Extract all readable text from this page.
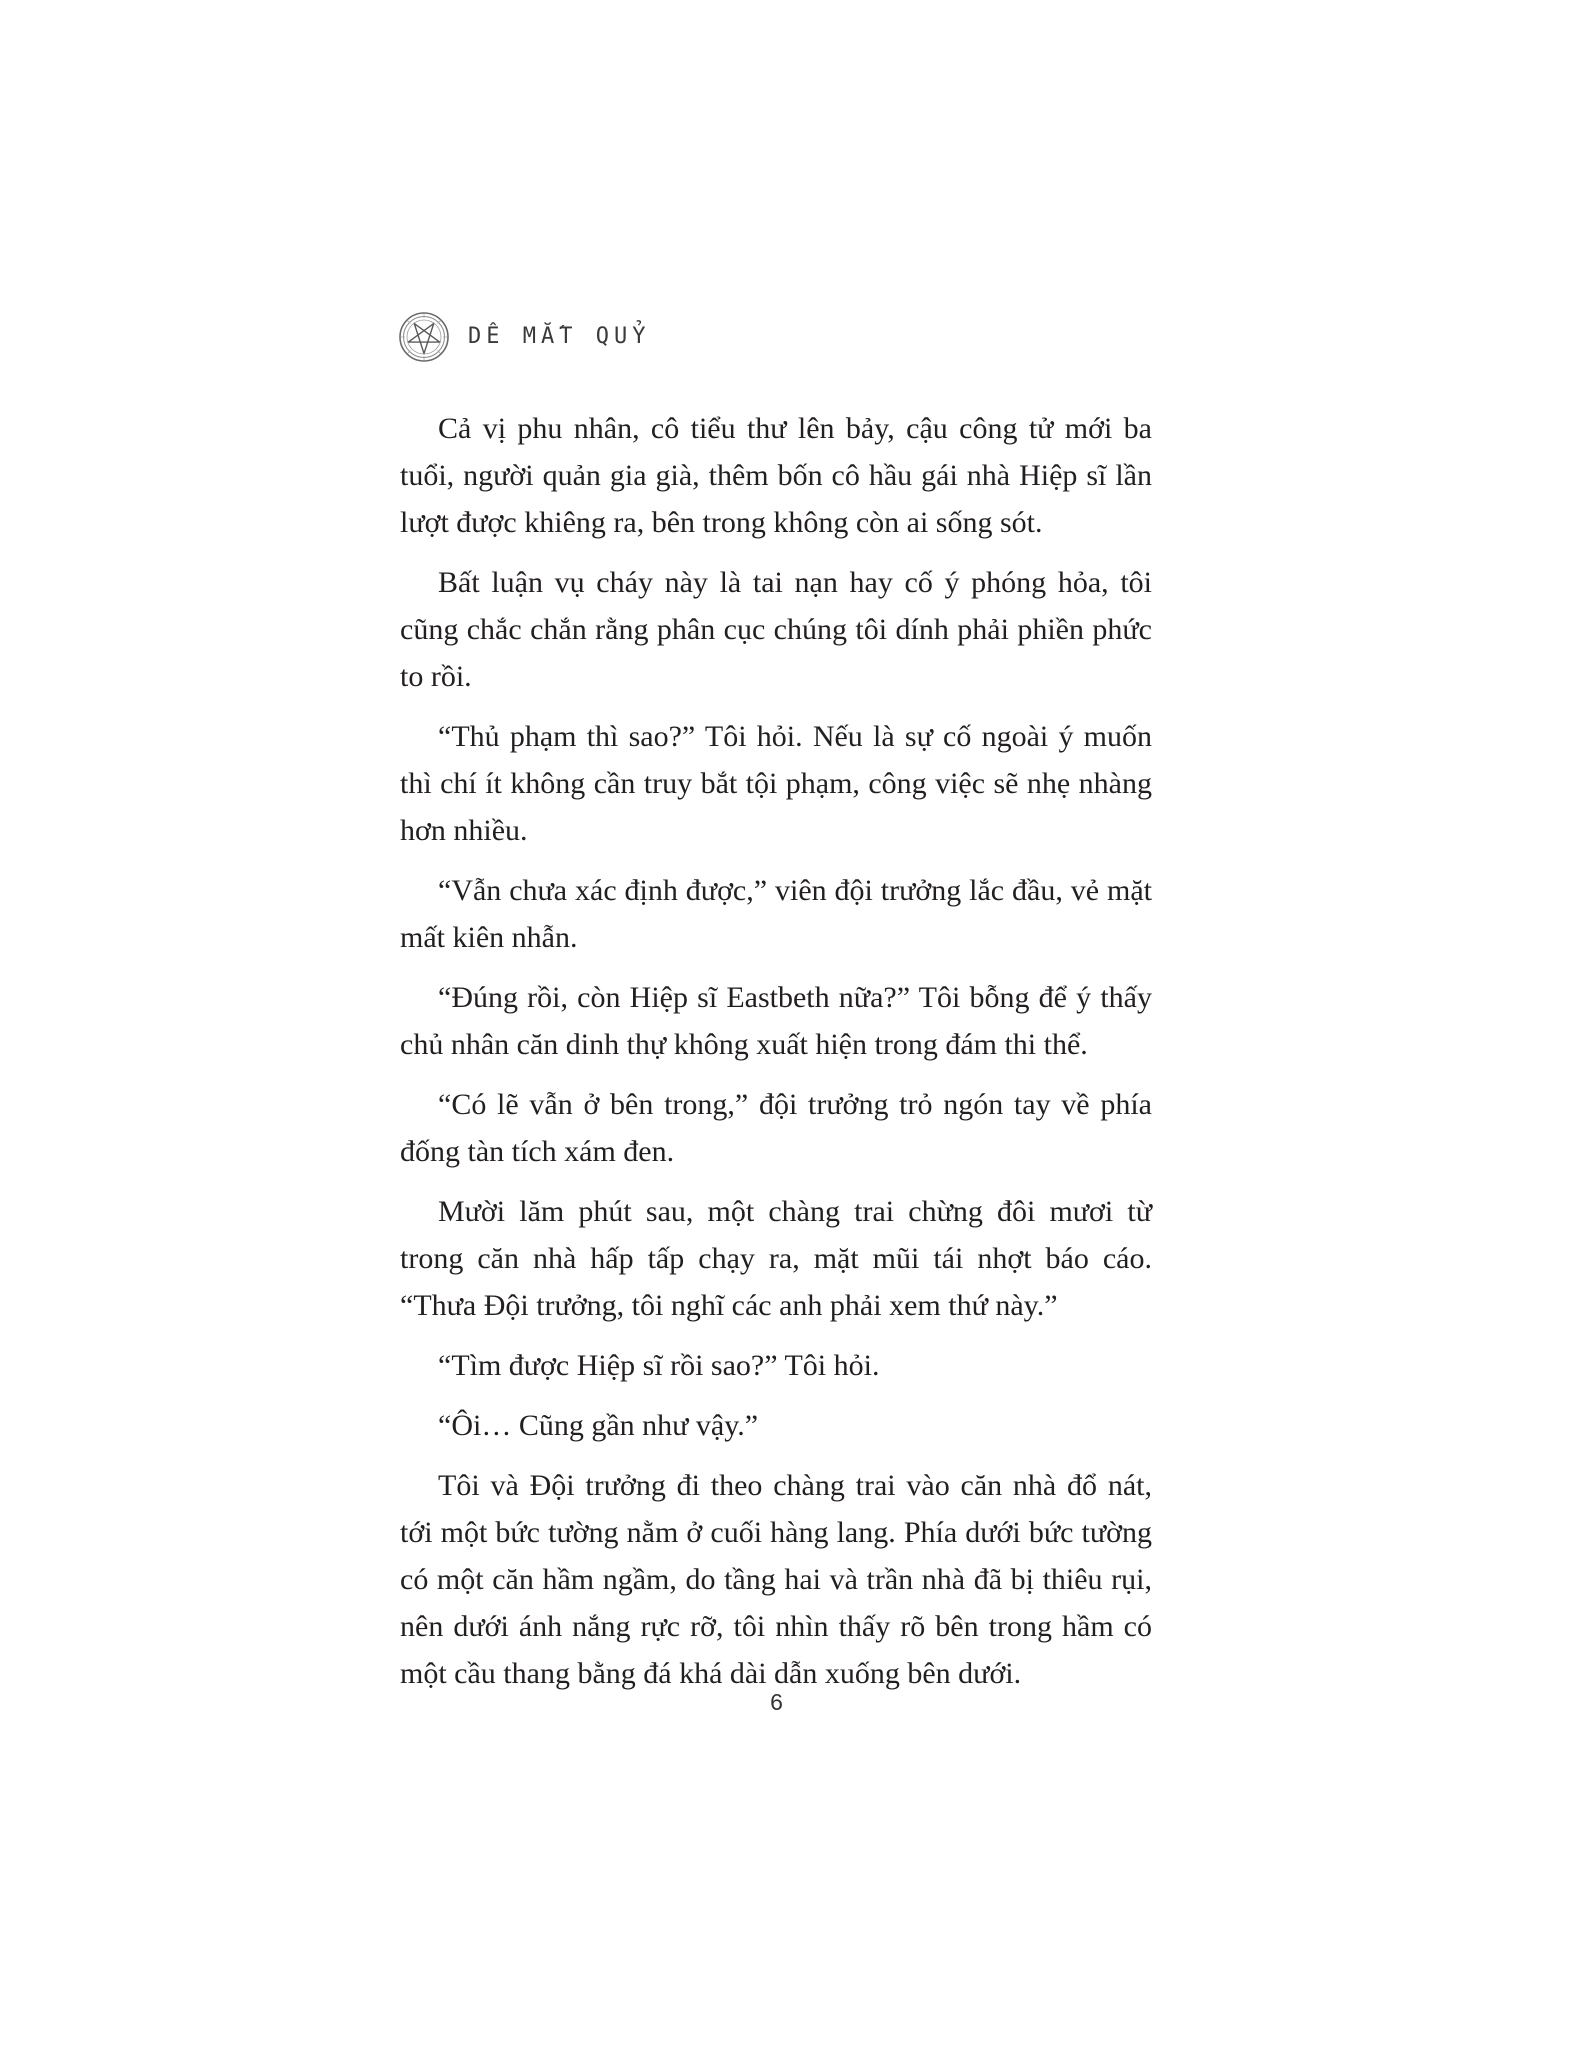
DÊ MẮT QUỶ

Cả vị phu nhân, cô tiểu thư lên bảy, cậu công tử mới ba tuổi, người quản gia già, thêm bốn cô hầu gái nhà Hiệp sĩ lần lượt được khiêng ra, bên trong không còn ai sống sót.

Bất luận vụ cháy này là tai nạn hay cố ý phóng hỏa, tôi cũng chắc chắn rằng phân cục chúng tôi dính phải phiền phức to rồi.

“Thủ phạm thì sao?” Tôi hỏi. Nếu là sự cố ngoài ý muốn thì chí ít không cần truy bắt tội phạm, công việc sẽ nhẹ nhàng hơn nhiều.

“Vẫn chưa xác định được,” viên đội trưởng lắc đầu, vẻ mặt mất kiên nhẫn.

“Đúng rồi, còn Hiệp sĩ Eastbeth nữa?” Tôi bỗng để ý thấy chủ nhân căn dinh thự không xuất hiện trong đám thi thể.

“Có lẽ vẫn ở bên trong,” đội trưởng trỏ ngón tay về phía đống tàn tích xám đen.

Mười lăm phút sau, một chàng trai chừng đôi mươi từ trong căn nhà hấp tấp chạy ra, mặt mũi tái nhợt báo cáo. “Thưa Đội trưởng, tôi nghĩ các anh phải xem thứ này.”

“Tìm được Hiệp sĩ rồi sao?” Tôi hỏi.

“Ôi… Cũng gần như vậy.”

Tôi và Đội trưởng đi theo chàng trai vào căn nhà đổ nát, tới một bức tường nằm ở cuối hàng lang. Phía dưới bức tường có một căn hầm ngầm, do tầng hai và trần nhà đã bị thiêu rụi, nên dưới ánh nắng rực rỡ, tôi nhìn thấy rõ bên trong hầm có một cầu thang bằng đá khá dài dẫn xuống bên dưới.

6
